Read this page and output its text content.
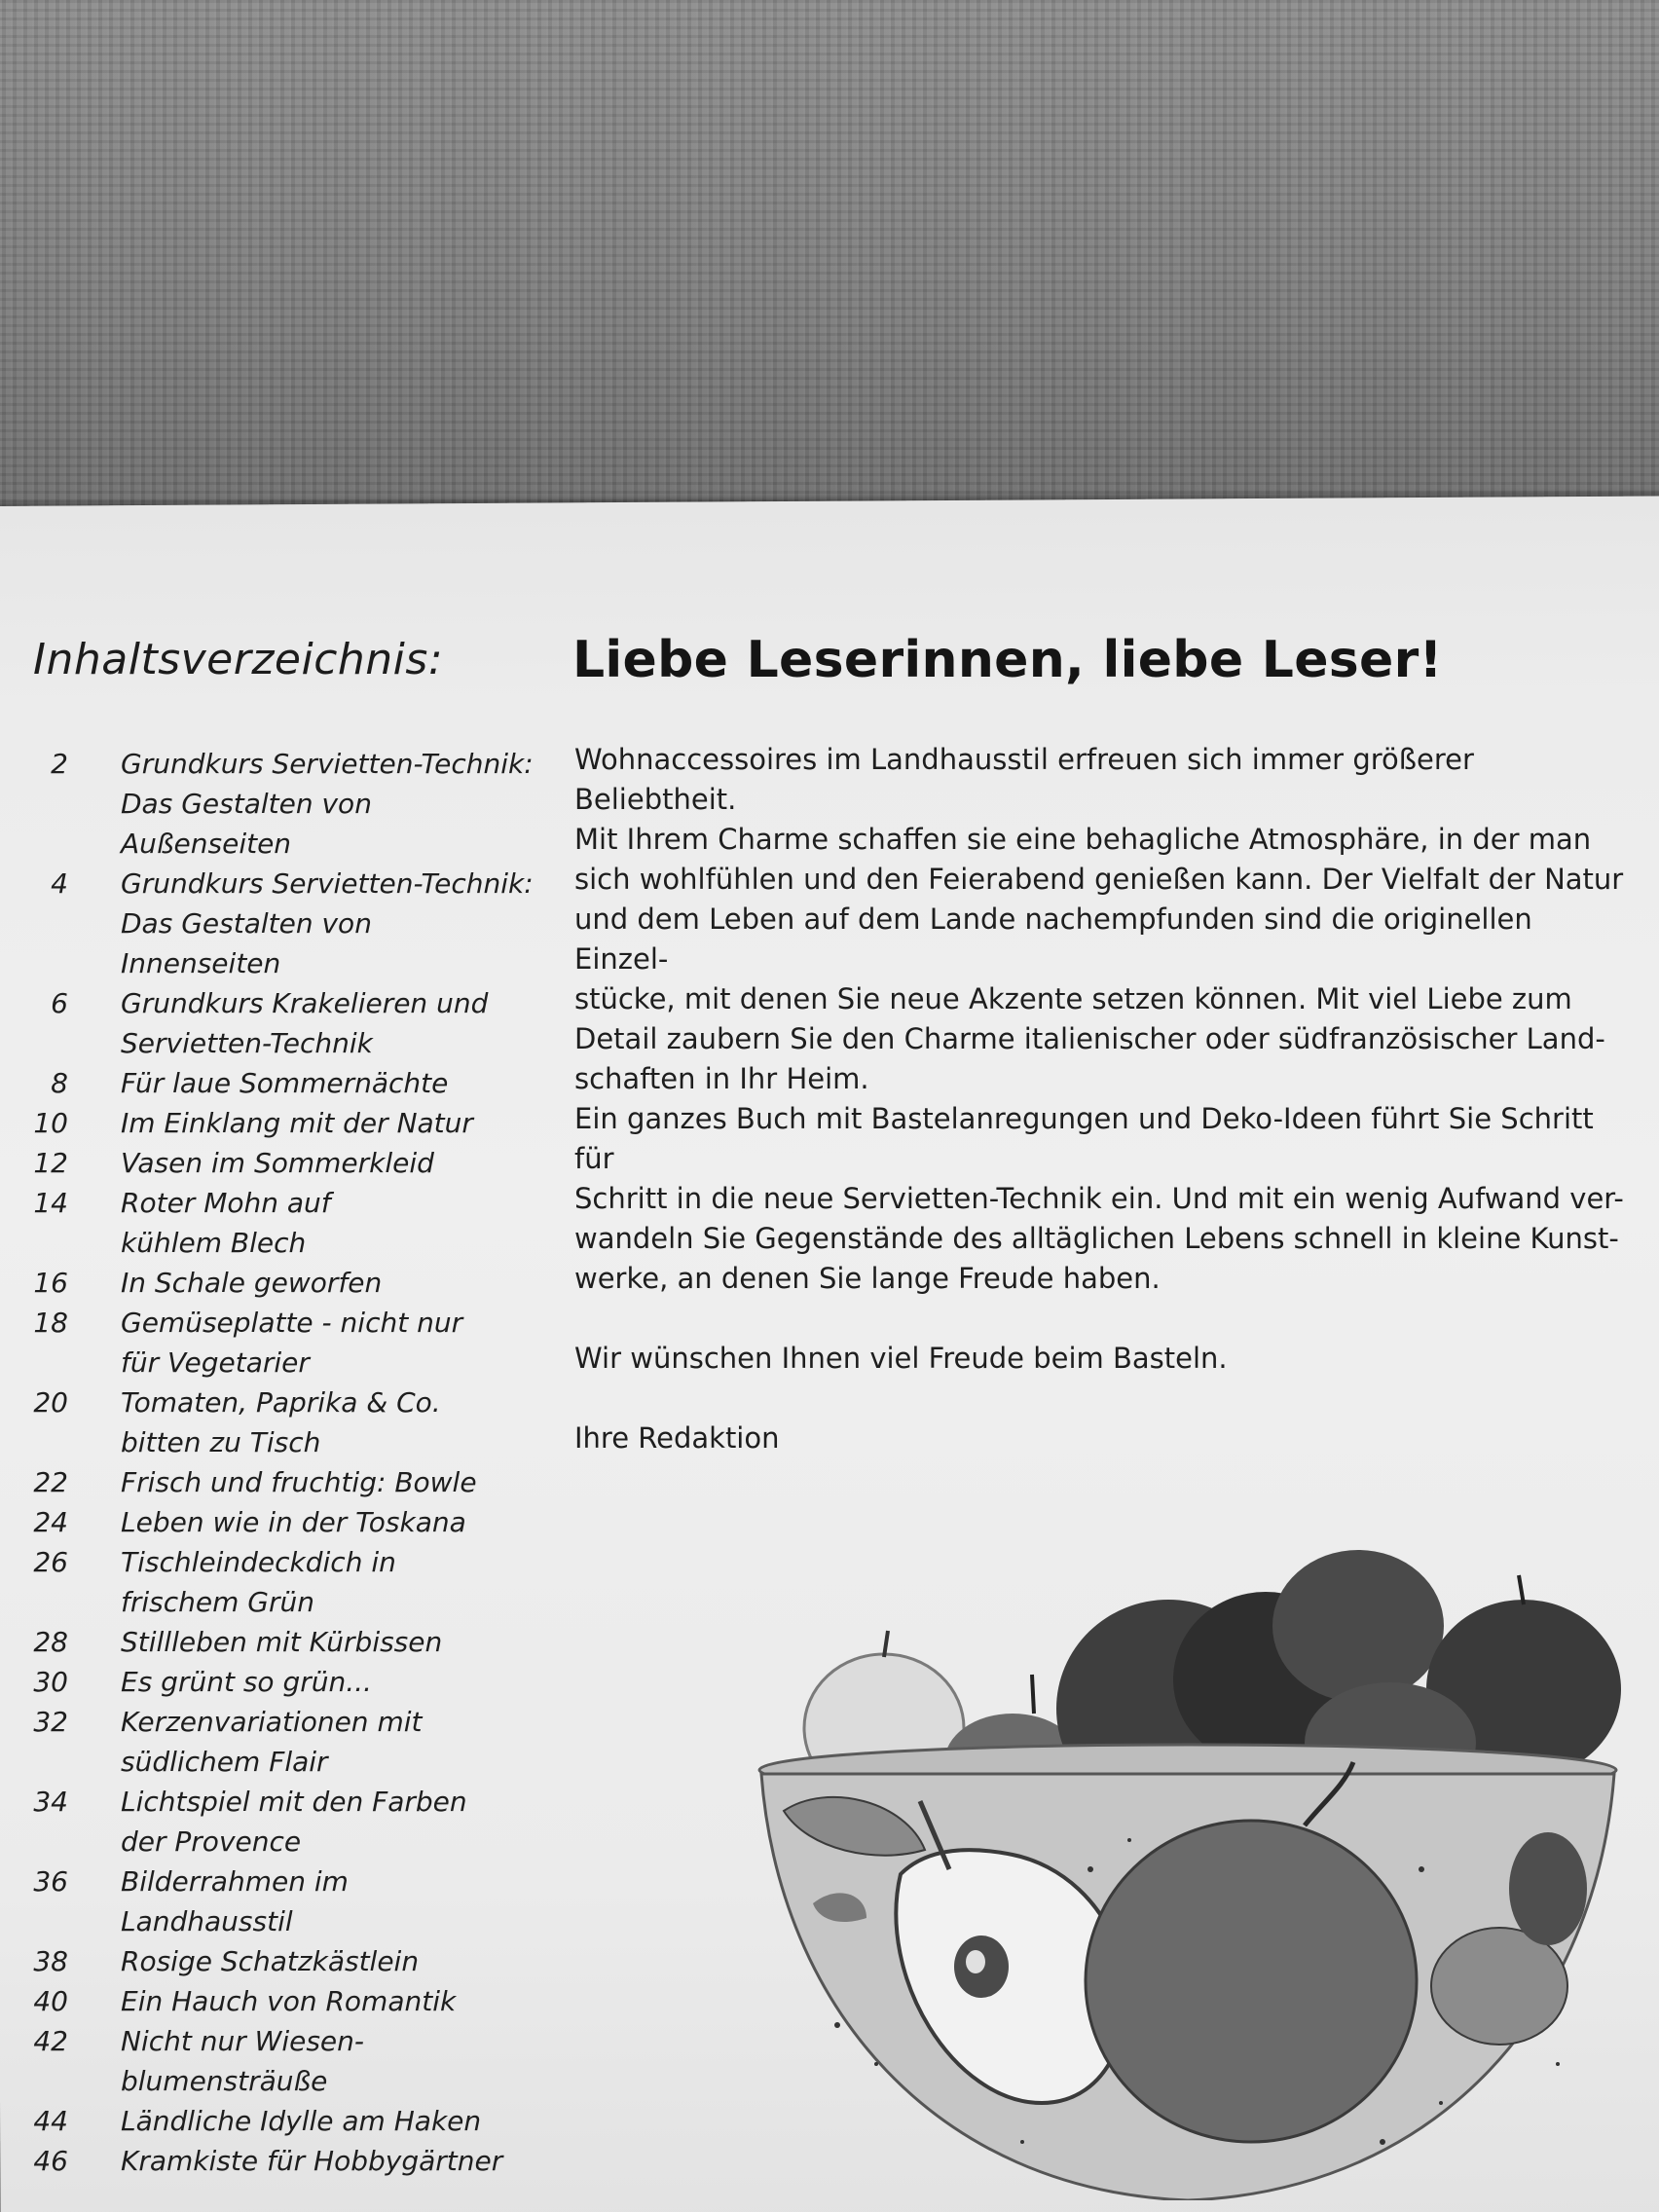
Inhaltsverzeichnis:
2 Grundkurs Servietten-Technik:
Das Gestalten von Außenseiten
4 Grundkurs Servietten-Technik:
Das Gestalten von Innenseiten
6 Grundkurs Krakelieren und
Servietten-Technik
8 Für laue Sommernächte
10 Im Einklang mit der Natur
12 Vasen im Sommerkleid
14 Roter Mohn auf
kühlem Blech
16 In Schale geworfen
18 Gemüseplatte - nicht nur
für Vegetarier
20 Tomaten, Paprika & Co.
bitten zu Tisch
22 Frisch und fruchtig: Bowle
24 Leben wie in der Toskana
26 Tischleindeckdich in
frischem Grün
28 Stillleben mit Kürbissen
30 Es grünt so grün...
32 Kerzenvariationen mit
südlichem Flair
34 Lichtspiel mit den Farben
der Provence
36 Bilderrahmen im
Landhausstil
38 Rosige Schatzkästlein
40 Ein Hauch von Romantik
42 Nicht nur Wiesen-
blumensträuße
44 Ländliche Idylle am Haken
46 Kramkiste für Hobbygärtner
Liebe Leserinnen, liebe Leser!

Wohnaccessoires im Landhausstil erfreuen sich immer größerer Beliebtheit.
Mit Ihrem Charme schaffen sie eine behagliche Atmosphäre, in der man
sich wohlfühlen und den Feierabend genießen kann. Der Vielfalt der Natur
und dem Leben auf dem Lande nachempfunden sind die originellen Einzel-
stücke, mit denen Sie neue Akzente setzen können. Mit viel Liebe zum
Detail zaubern Sie den Charme italienischer oder südfranzösischer Land-
schaften in Ihr Heim.
Ein ganzes Buch mit Bastelanregungen und Deko-Ideen führt Sie Schritt für
Schritt in die neue Servietten-Technik ein. Und mit ein wenig Aufwand ver-
wandeln Sie Gegenstände des alltäglichen Lebens schnell in kleine Kunst-
werke, an denen Sie lange Freude haben.

Wir wünschen Ihnen viel Freude beim Basteln.

Ihre Redaktion
